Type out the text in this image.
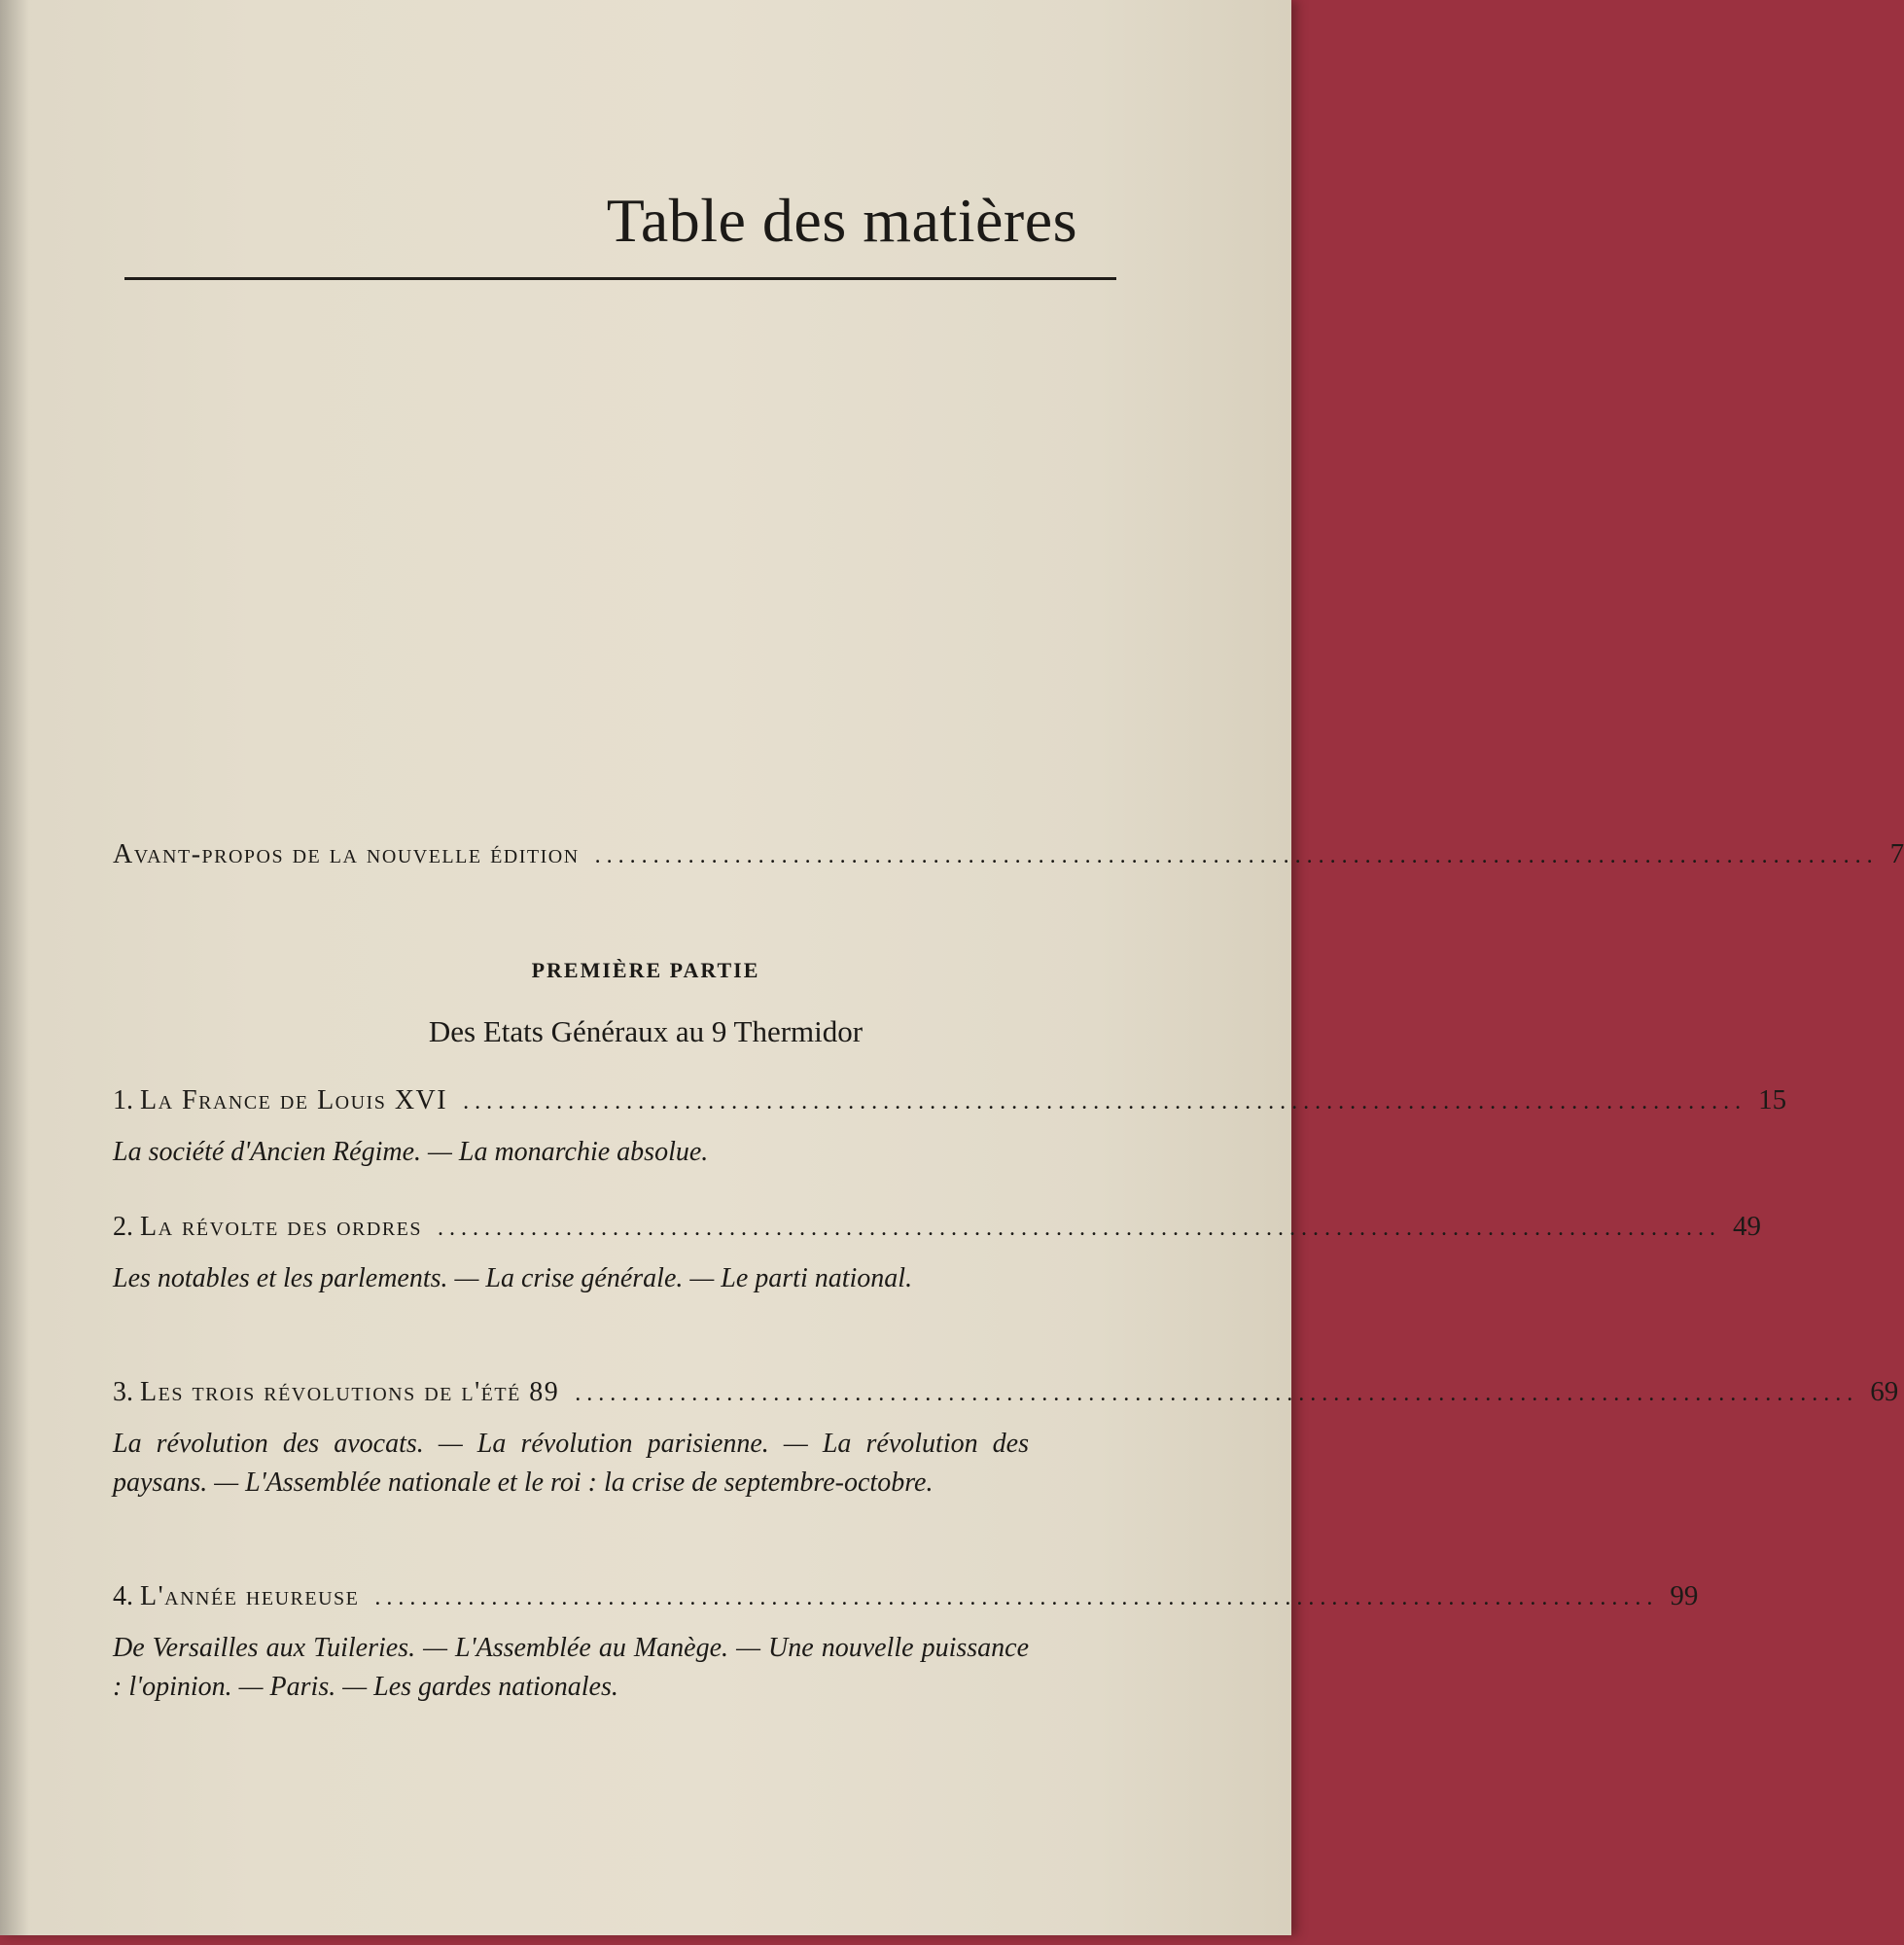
Table des matières
Avant-propos de la nouvelle édition .............................................................................................................. 7
PREMIÈRE PARTIE
Des Etats Généraux au 9 Thermidor
1.
La France de Louis XVI .............................................................................................................. 15
La société d'Ancien Régime. — La monarchie absolue.
2.
La révolte des ordres .............................................................................................................. 49
Les notables et les parlements. — La crise générale. — Le parti national.
3.
Les trois révolutions de l'été 89 .............................................................................................................. 69
La révolution des avocats. — La révolution parisienne. — La révolution des paysans. — L'Assemblée nationale et le roi : la crise de septembre-octobre.
4.
L'année heureuse .............................................................................................................. 99
De Versailles aux Tuileries. — L'Assemblée au Manège. — Une nouvelle puissance : l'opinion. — Paris. — Les gardes nationales.
